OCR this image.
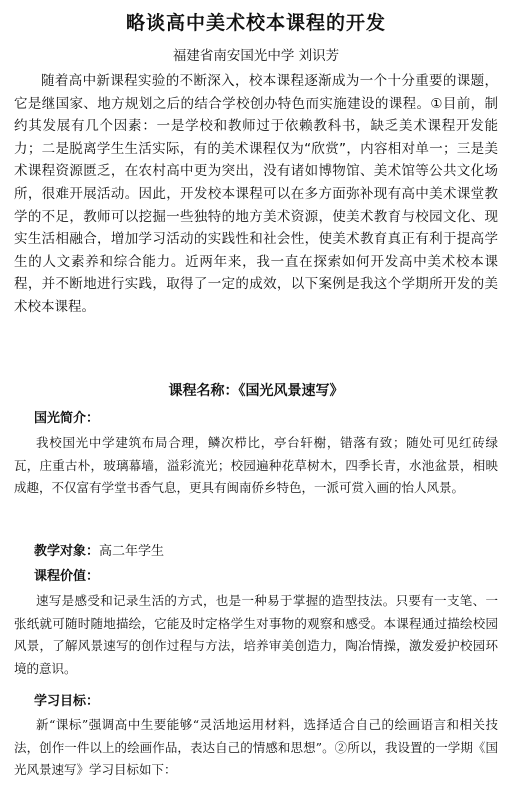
略谈高中美术校本课程的开发
福建省南安国光中学 刘识芳

随着高中新课程实验的不断深入，校本课程逐渐成为一个十分重要的课题，它是继国家、地方规划之后的结合学校创办特色而实施建设的课程。①目前，制约其发展有几个因素：一是学校和教师过于依赖教科书，缺乏美术课程开发能力；二是脱离学生生活实际，有的美术课程仅为“欣赏”，内容相对单一；三是美术课程资源匮乏，在农村高中更为突出，没有诸如博物馆、美术馆等公共文化场所，很难开展活动。因此，开发校本课程可以在多方面弥补现有高中美术课堂教学的不足，教师可以挖掘一些独特的地方美术资源，使美术教育与校园文化、现实生活相融合，增加学习活动的实践性和社会性，使美术教育真正有利于提高学生的人文素养和综合能力。近两年来，我一直在探索如何开发高中美术校本课程，并不断地进行实践，取得了一定的成效，以下案例是我这个学期所开发的美术校本课程。

课程名称：《国光风景速写》
国光简介：

我校国光中学建筑布局合理，鳞次栉比，亭台轩榭，错落有致；随处可见红砖绿瓦，庄重古朴，玻璃幕墙，溢彩流光；校园遍种花草树木，四季长青，水池盆景，相映成趣，不仅富有学堂书香气息，更具有闽南侨乡特色，一派可赏入画的怡人风景。

教学对象：高二年学生
课程价值：

速写是感受和记录生活的方式，也是一种易于掌握的造型技法。只要有一支笔、一张纸就可随时随地描绘，它能及时定格学生对事物的观察和感受。本课程通过描绘校园风景，了解风景速写的创作过程与方法，培养审美创造力，陶冶情操，激发爱护校园环境的意识。

学习目标：

新“课标”强调高中生要能够“灵活地运用材料，选择适合自己的绘画语言和相关技法，创作一件以上的绘画作品，表达自己的情感和思想”。②所以，我设置的一学期《国光风景速写》学习目标如下：
